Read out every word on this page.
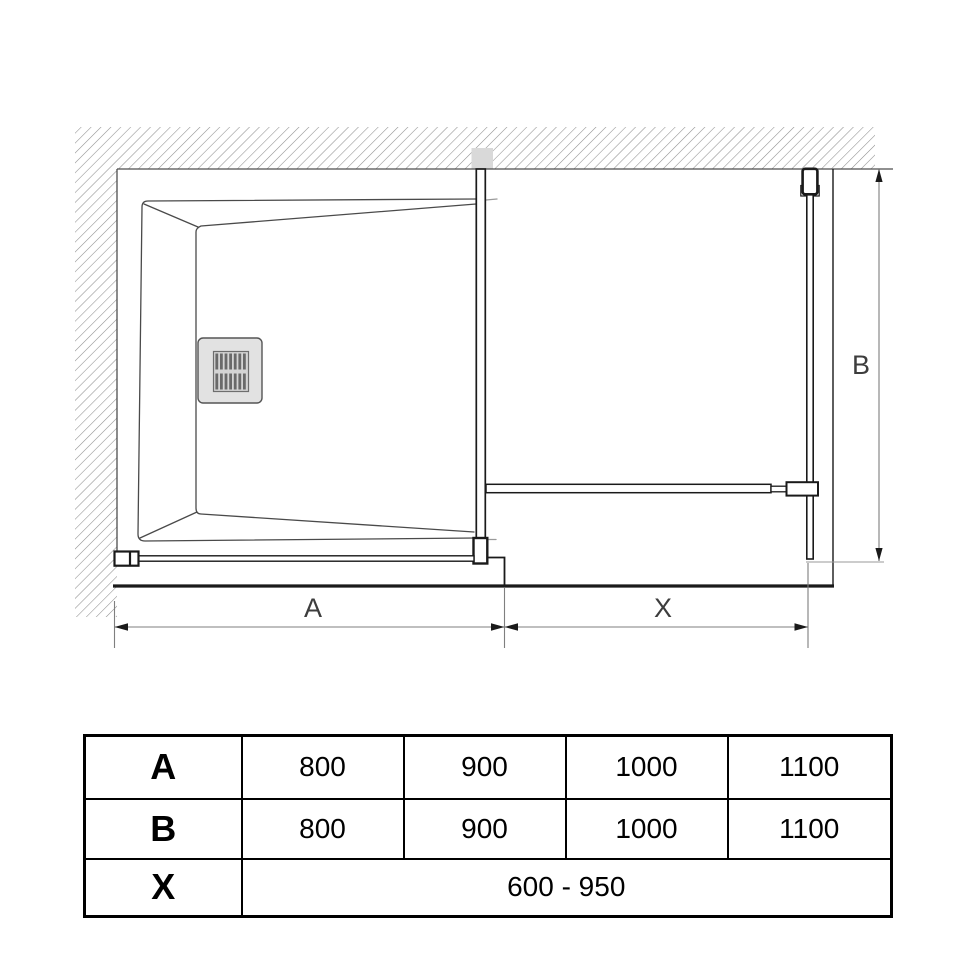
A	X
B
A	800	900	1000	1100
B	800	900	1000	1100
X	600 - 950			
